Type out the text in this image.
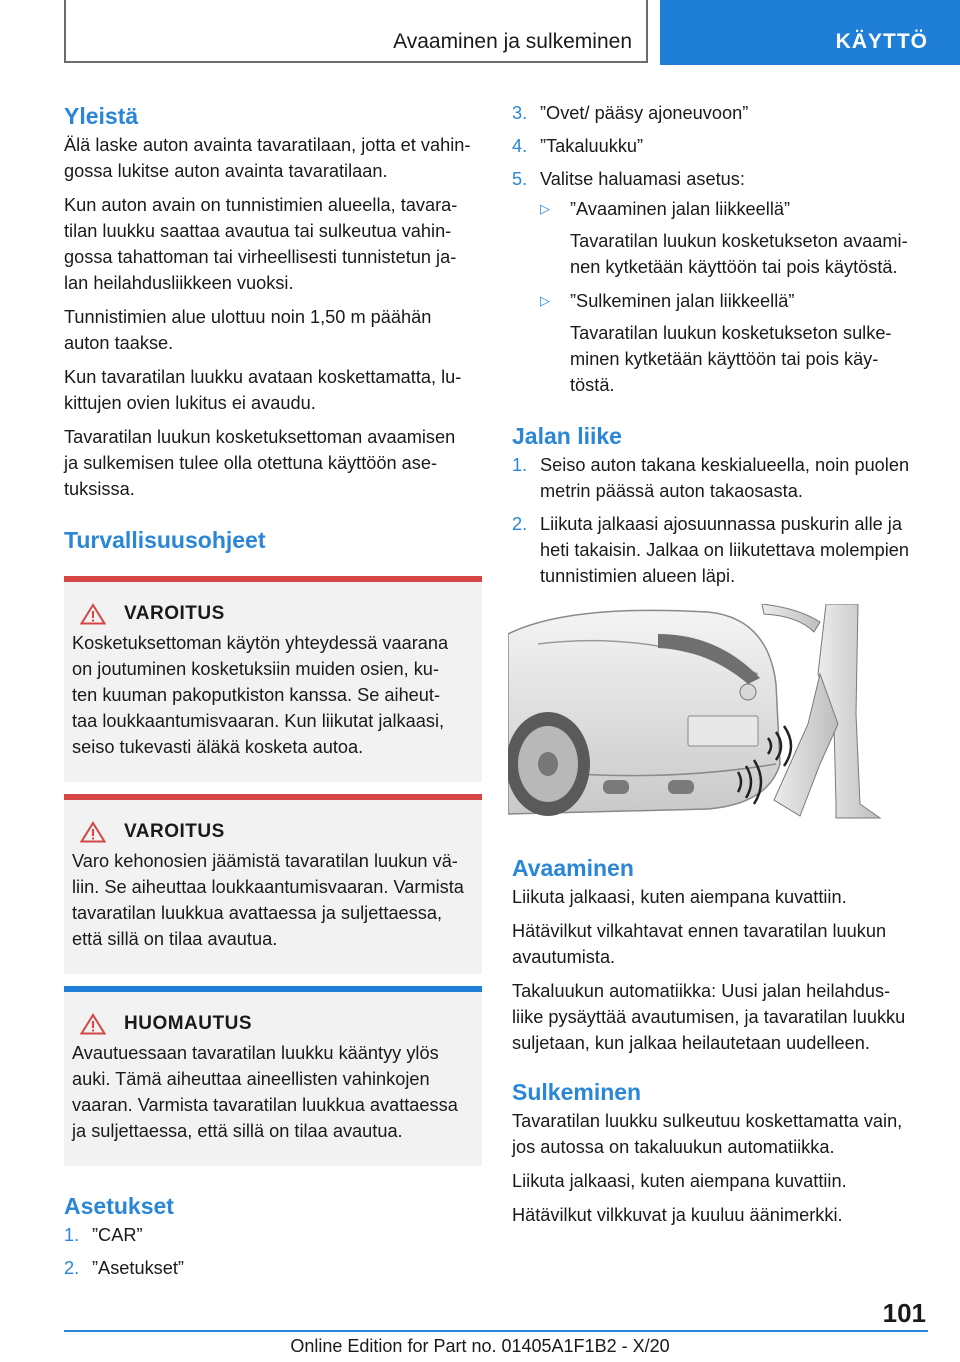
Avaaminen ja sulkeminen	KÄYTTÖ
Yleistä

Älä laske auton avainta tavaratilaan, jotta et vahin-
gossa lukitse auton avainta tavaratilaan.

Kun auton avain on tunnistimien alueella, tavara-
tilan luukku saattaa avautua tai sulkeutua vahin-
gossa tahattoman tai virheellisesti tunnistetun ja-
lan heilahdusliikkeen vuoksi.

Tunnistimien alue ulottuu noin 1,50 m päähän
auton taakse.

Kun tavaratilan luukku avataan koskettamatta, lu-
kittujen ovien lukitus ei avaudu.

Tavaratilan luukun kosketuksettoman avaamisen
ja sulkemisen tulee olla otettuna käyttöön ase-
tuksissa.

Turvallisuusohjeet
VAROITUS

Kosketuksettoman käytön yhteydessä vaarana
on joutuminen kosketuksiin muiden osien, ku-
ten kuuman pakoputkiston kanssa. Se aiheut-
taa loukkaantumisvaaran. Kun liikutat jalkaasi,
seiso tukevasti äläkä kosketa autoa.

VAROITUS

Varo kehonosien jäämistä tavaratilan luukun vä-
liin. Se aiheuttaa loukkaantumisvaaran. Varmista
tavaratilan luukkua avattaessa ja suljettaessa,
että sillä on tilaa avautua.

HUOMAUTUS

Avautuessaan tavaratilan luukku kääntyy ylös
auki. Tämä aiheuttaa aineellisten vahinkojen
vaaran. Varmista tavaratilan luukkua avattaessa
ja suljettaessa, että sillä on tilaa avautua.

Asetukset
1. ”CAR”
2. ”Asetukset”
3. ”Ovet/ pääsy ajoneuvoon”
4. ”Takaluukku”
5. Valitse haluamasi asetus:
▷	”Avaaminen jalan liikkeellä”
Tavaratilan luukun kosketukseton avaami-
nen kytketään käyttöön tai pois käytöstä.
▷	”Sulkeminen jalan liikkeellä”
Tavaratilan luukun kosketukseton sulke-
minen kytketään käyttöön tai pois käy-
töstä.
Jalan liike
1. Seiso auton takana keskialueella, noin puolen
metrin päässä auton takaosasta.
2. Liikuta jalkaasi ajosuunnassa puskurin alle ja
heti takaisin. Jalkaa on liikutettava molempien
tunnistimien alueen läpi.
Avaaminen

Liikuta jalkaasi, kuten aiempana kuvattiin.

Hätävilkut vilkahtavat ennen tavaratilan luukun
avautumista.

Takaluukun automatiikka: Uusi jalan heilahdus-
liike pysäyttää avautumisen, ja tavaratilan luukku
suljetaan, kun jalkaa heilautetaan uudelleen.

Sulkeminen

Tavaratilan luukku sulkeutuu koskettamatta vain,
jos autossa on takaluukun automatiikka.

Liikuta jalkaasi, kuten aiempana kuvattiin.

Hätävilkut vilkkuvat ja kuuluu äänimerkki.

101
Online Edition for Part no. 01405A1F1B2 - X/20
